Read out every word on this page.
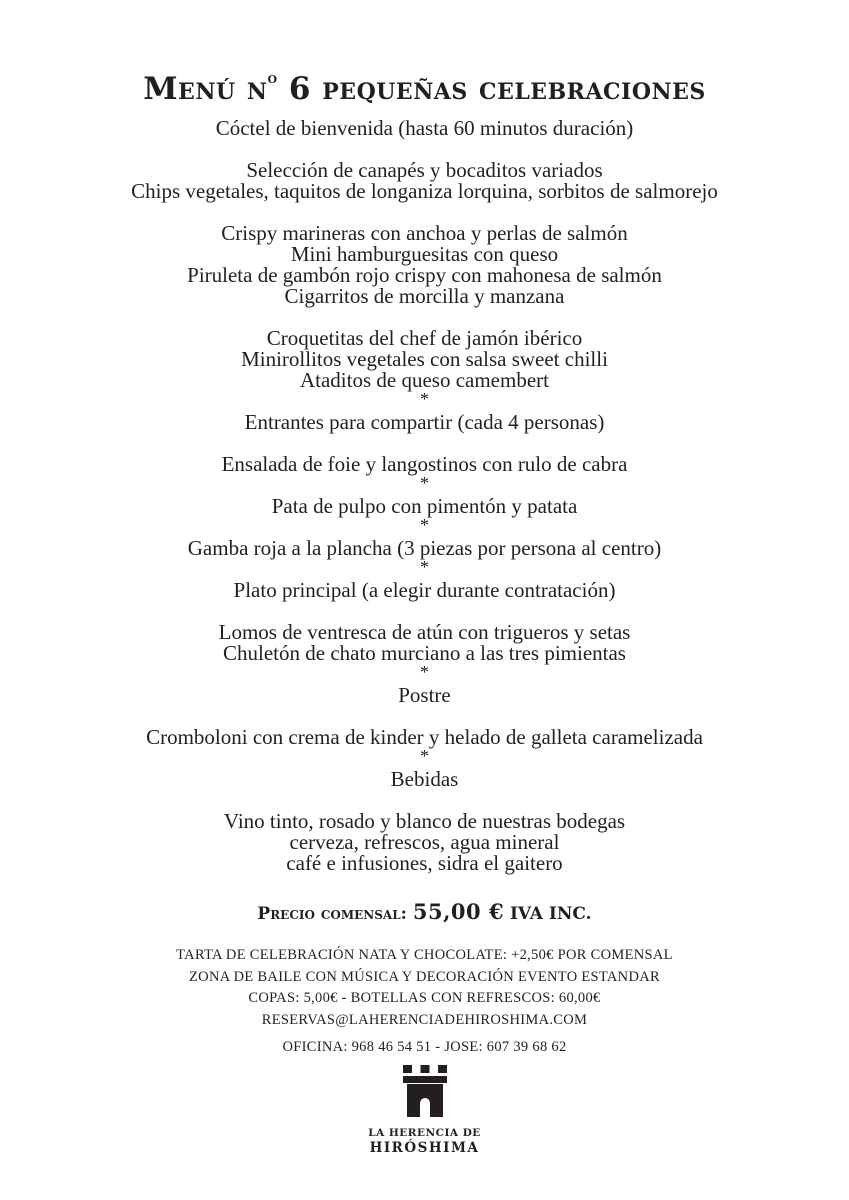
Menú $n^o$ 6 pequeñas celebraciones
Cóctel de bienvenida (hasta 60 minutos duración)
Selección de canapés y bocaditos variados
Chips vegetales, taquitos de longaniza lorquina, sorbitos de salmorejo
Crispy marineras con anchoa y perlas de salmón
Mini hamburguesitas con queso
Piruleta de gambón rojo crispy con mahonesa de salmón
Cigarritos de morcilla y manzana
Croquetitas del chef de jamón ibérico
Minirollitos vegetales con salsa sweet chilli
Ataditos de queso camembert
*
Entrantes para compartir (cada 4 personas)
Ensalada de foie y langostinos con rulo de cabra
*
Pata de pulpo con pimentón y patata
*
Gamba roja a la plancha (3 piezas por persona al centro)
*
Plato principal (a elegir durante contratación)
Lomos de ventresca de atún con trigueros y setas
Chuletón de chato murciano a las tres pimientas
*
Postre
Cromboloni con crema de kinder y helado de galleta caramelizada
*
Bebidas
Vino tinto, rosado y blanco de nuestras bodegas
cerveza, refrescos, agua mineral
café e infusiones, sidra el gaitero
Precio comensal: 55,00 € IVA INC.
TARTA DE CELEBRACIÓN NATA Y CHOCOLATE: +2,50€ POR COMENSAL
ZONA DE BAILE CON MÚSICA Y DECORACIÓN EVENTO ESTANDAR
COPAS: 5,00€ - BOTELLAS CON REFRESCOS: 60,00€
RESERVAS@LAHERENCIADEHIROSHIMA.COM
OFICINA: 968 46 54 51 - JOSE: 607 39 68 62
LA HERENCIA DE
HIRÓSHIMA
